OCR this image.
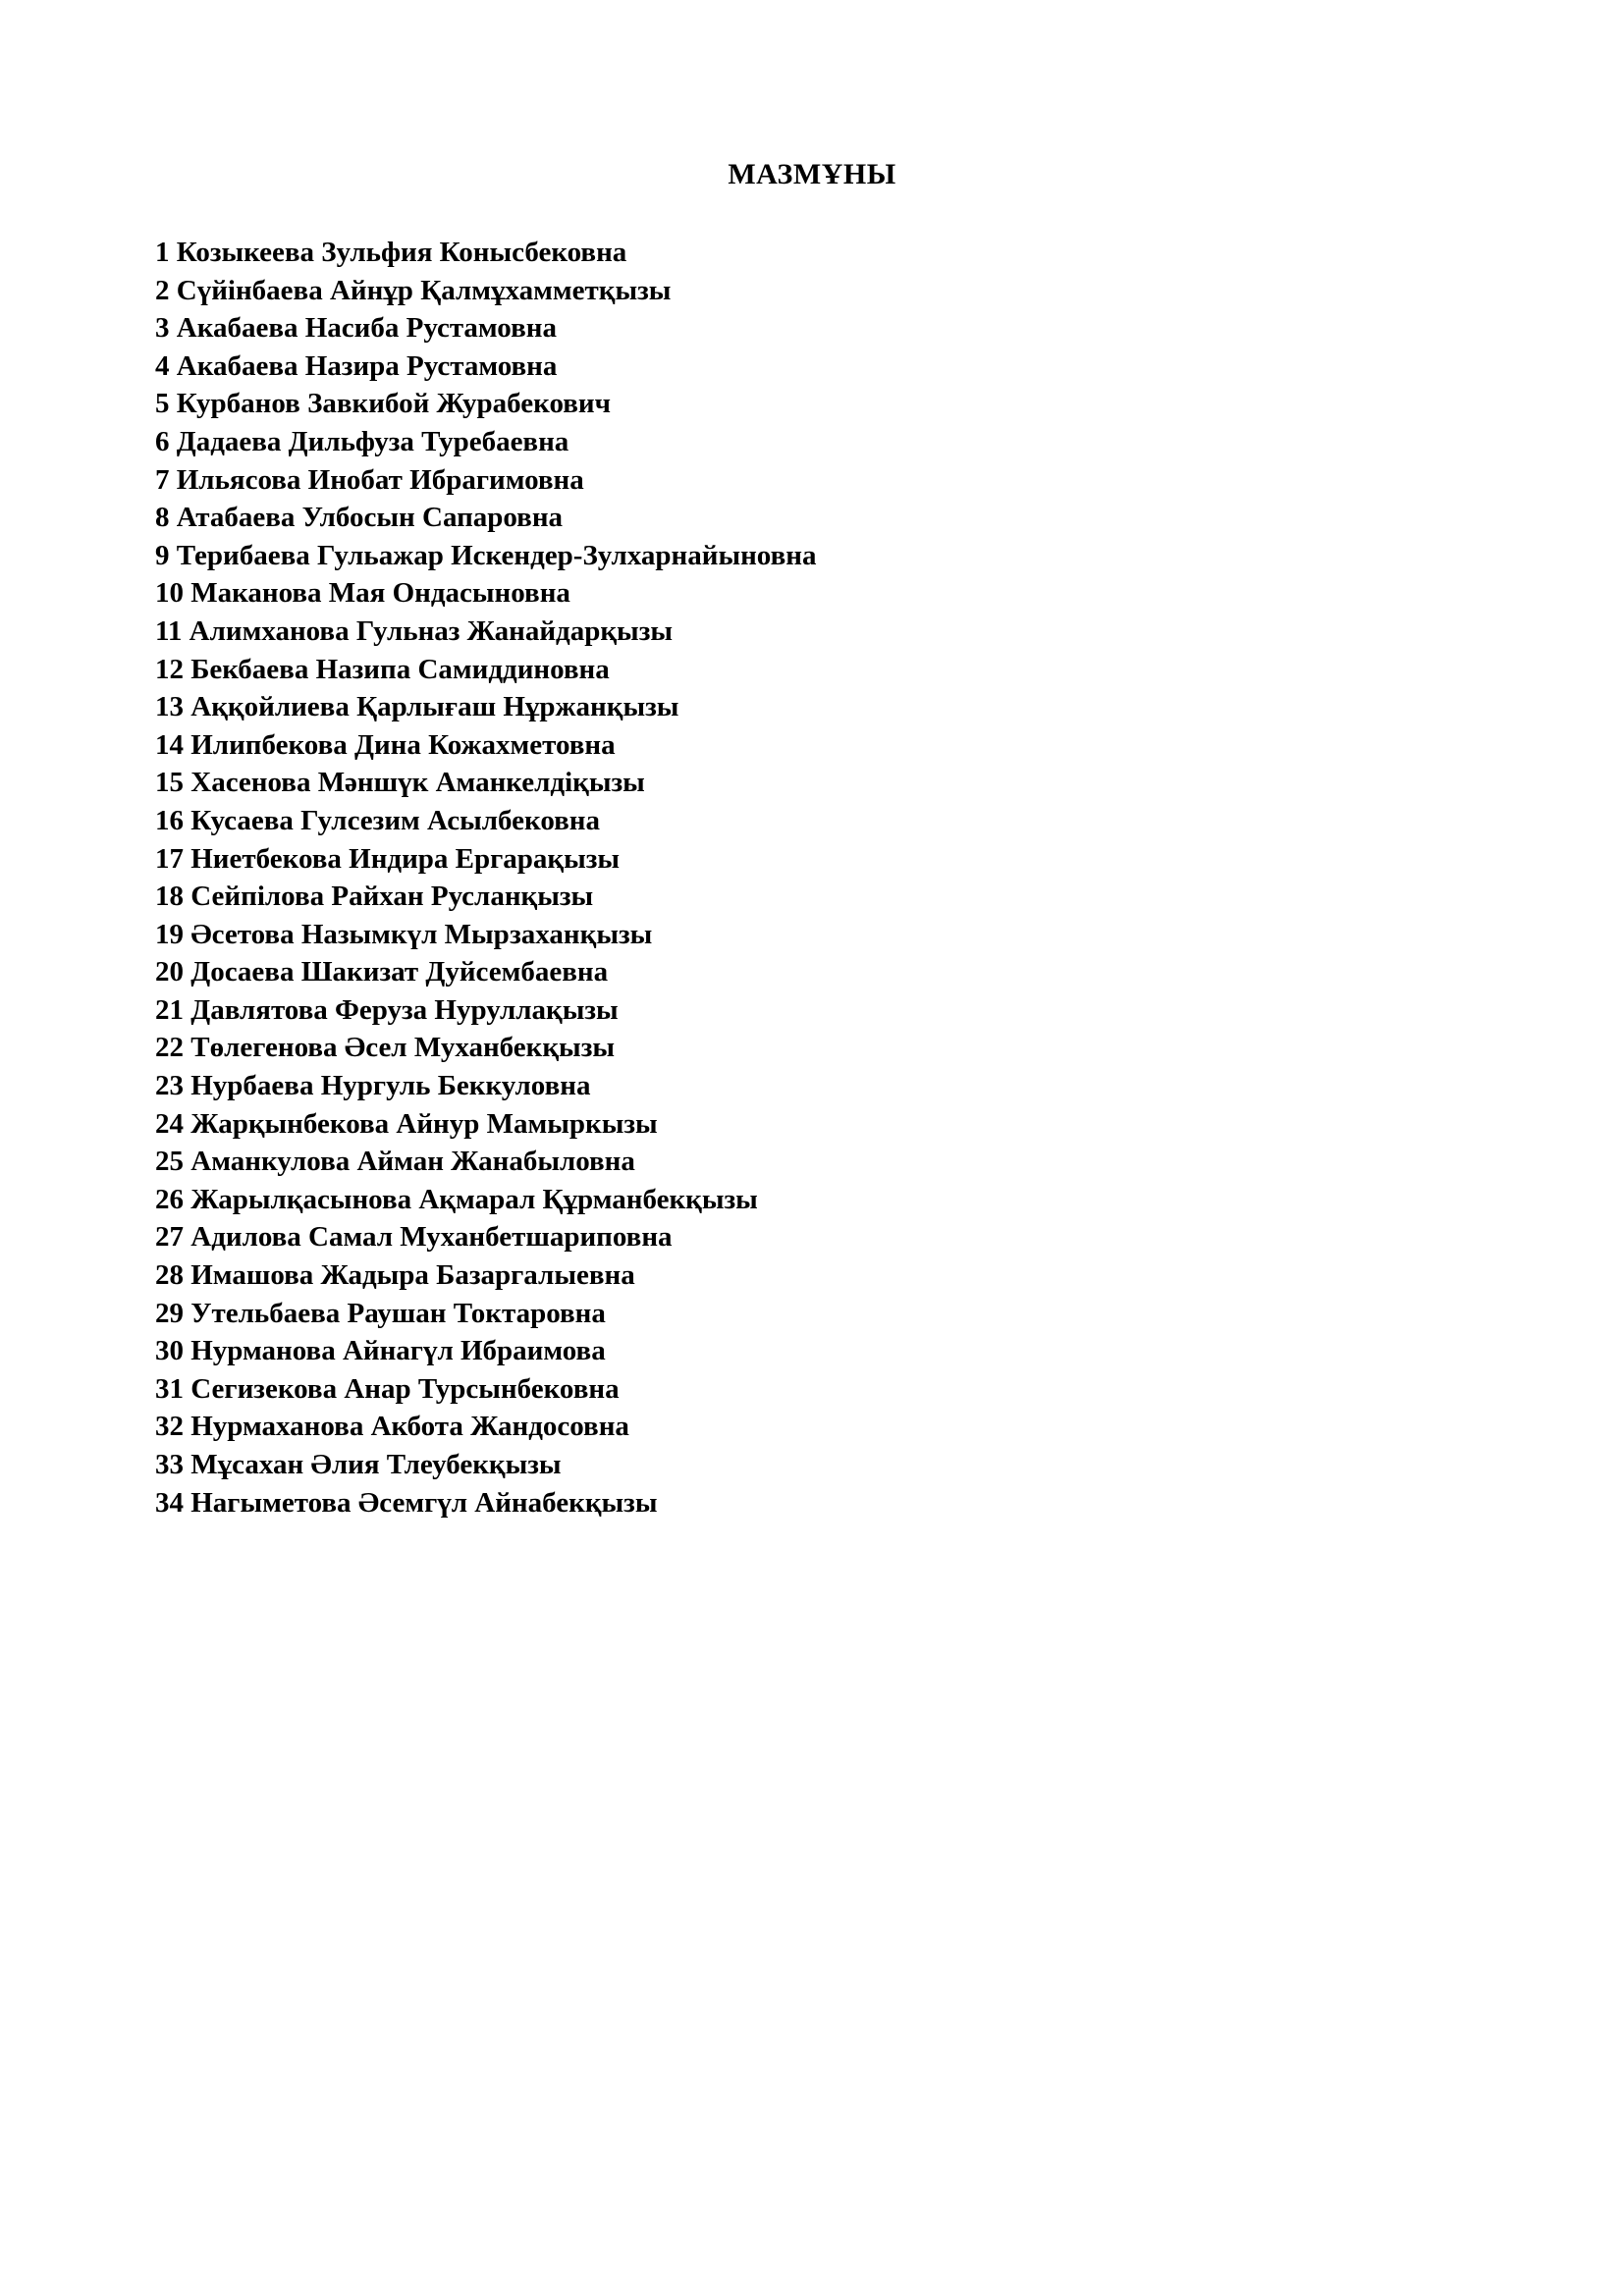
МАЗМҰНЫ
1 Козыкеева Зульфия Конысбековна
2 Сүйінбаева Айнұр Қалмұхамметқызы
3 Акабаева Насиба Рустамовна
4 Акабаева Назира Рустамовна
5 Курбанов Завкибой Журабекович
6 Дадаева Дильфуза Туребаевна
7 Ильясова Инобат Ибрагимовна
8 Атабаева Улбосын Сапаровна
9 Терибаева Гульажар Искендер-Зулхарнайыновна
10 Маканова Мая Ондасыновна
11 Алимханова Гульназ Жанайдарқызы
12 Бекбаева Назипа Самиддиновна
13 Аққойлиева Қарлығаш Нұржанқызы
14 Илипбекова Дина Кожахметовна
15 Хасенова Мәншүк Аманкелдіқызы
16 Кусаева Гулсезим Асылбековна
17 Ниетбекова Индира Ергарақызы
18 Сейпілова Райхан Русланқызы
19 Әсетова Назымкүл Мырзаханқызы
20 Досаева Шакизат Дуйсембаевна
21 Давлятова Феруза Нуруллақызы
22 Төлегенова Әсел Муханбекқызы
23 Нурбаева Нургуль Беккуловна
24 Жарқынбекова Айнур Мамыркызы
25 Аманкулова Айман Жанабыловна
26 Жарылқасынова Ақмарал Құрманбекқызы
27 Адилова Самал Муханбетшариповна
28 Имашова Жадыра Базаргалыевна
29 Утельбаева Раушан Токтаровна
30 Нурманова Айнагүл Ибраимова
31 Сегизекова Анар Турсынбековна
32 Нурмаханова Акбота Жандосовна
33 Мұсахан Әлия Тлеубекқызы
34 Нагыметова Әсемгүл Айнабекқызы
